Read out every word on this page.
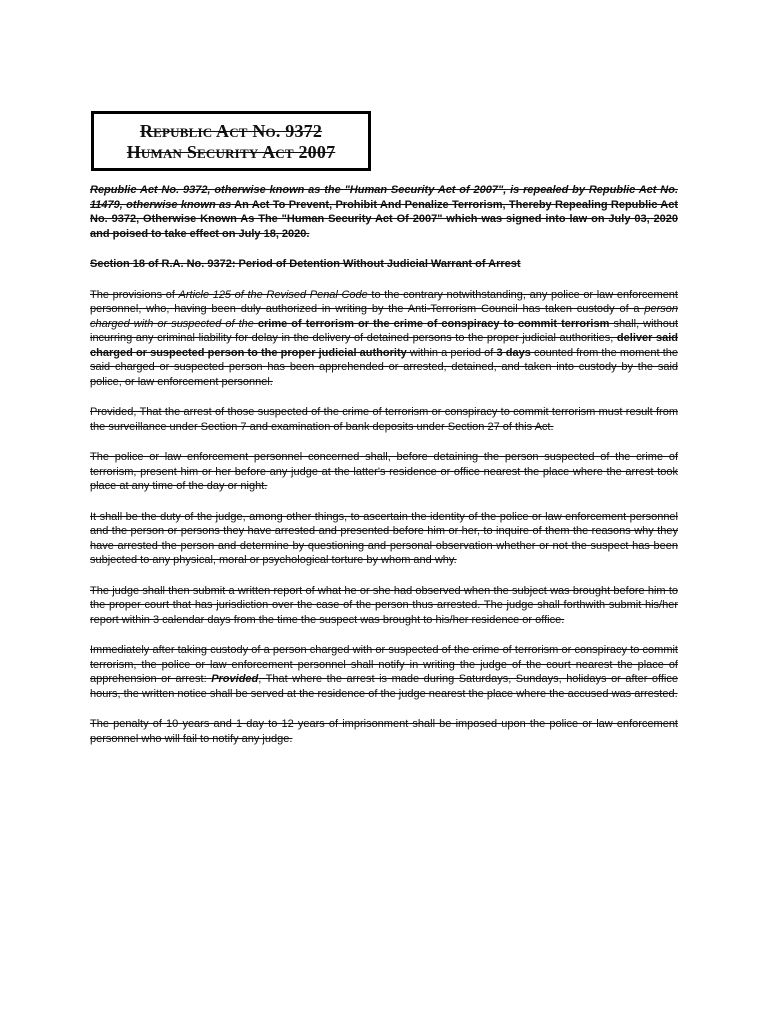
Republic Act No. 9372
Human Security Act 2007

Republic Act No. 9372, otherwise known as the "Human Security Act of 2007", is repealed by Republic Act No. 11479, otherwise known as An Act To Prevent, Prohibit And Penalize Terrorism, Thereby Repealing Republic Act No. 9372, Otherwise Known As The "Human Security Act Of 2007" which was signed into law on July 03, 2020 and poised to take effect on July 18, 2020.

Section 18 of R.A. No. 9372: Period of Detention Without Judicial Warrant of Arrest

The provisions of Article 125 of the Revised Penal Code to the contrary notwithstanding, any police or law enforcement personnel, who, having been duly authorized in writing by the Anti-Terrorism Council has taken custody of a person charged with or suspected of the crime of terrorism or the crime of conspiracy to commit terrorism shall, without incurring any criminal liability for delay in the delivery of detained persons to the proper judicial authorities, deliver said charged or suspected person to the proper judicial authority within a period of 3 days counted from the moment the said charged or suspected person has been apprehended or arrested, detained, and taken into custody by the said police, or law enforcement personnel.

Provided, That the arrest of those suspected of the crime of terrorism or conspiracy to commit terrorism must result from the surveillance under Section 7 and examination of bank deposits under Section 27 of this Act.

The police or law enforcement personnel concerned shall, before detaining the person suspected of the crime of terrorism, present him or her before any judge at the latter's residence or office nearest the place where the arrest took place at any time of the day or night.

It shall be the duty of the judge, among other things, to ascertain the identity of the police or law enforcement personnel and the person or persons they have arrested and presented before him or her, to inquire of them the reasons why they have arrested the person and determine by questioning and personal observation whether or not the suspect has been subjected to any physical, moral or psychological torture by whom and why.

The judge shall then submit a written report of what he or she had observed when the subject was brought before him to the proper court that has jurisdiction over the case of the person thus arrested. The judge shall forthwith submit his/her report within 3 calendar days from the time the suspect was brought to his/her residence or office.

Immediately after taking custody of a person charged with or suspected of the crime of terrorism or conspiracy to commit terrorism, the police or law enforcement personnel shall notify in writing the judge of the court nearest the place of apprehension or arrest: Provided, That where the arrest is made during Saturdays, Sundays, holidays or after office hours, the written notice shall be served at the residence of the judge nearest the place where the accused was arrested.

The penalty of 10 years and 1 day to 12 years of imprisonment shall be imposed upon the police or law enforcement personnel who will fail to notify any judge.
